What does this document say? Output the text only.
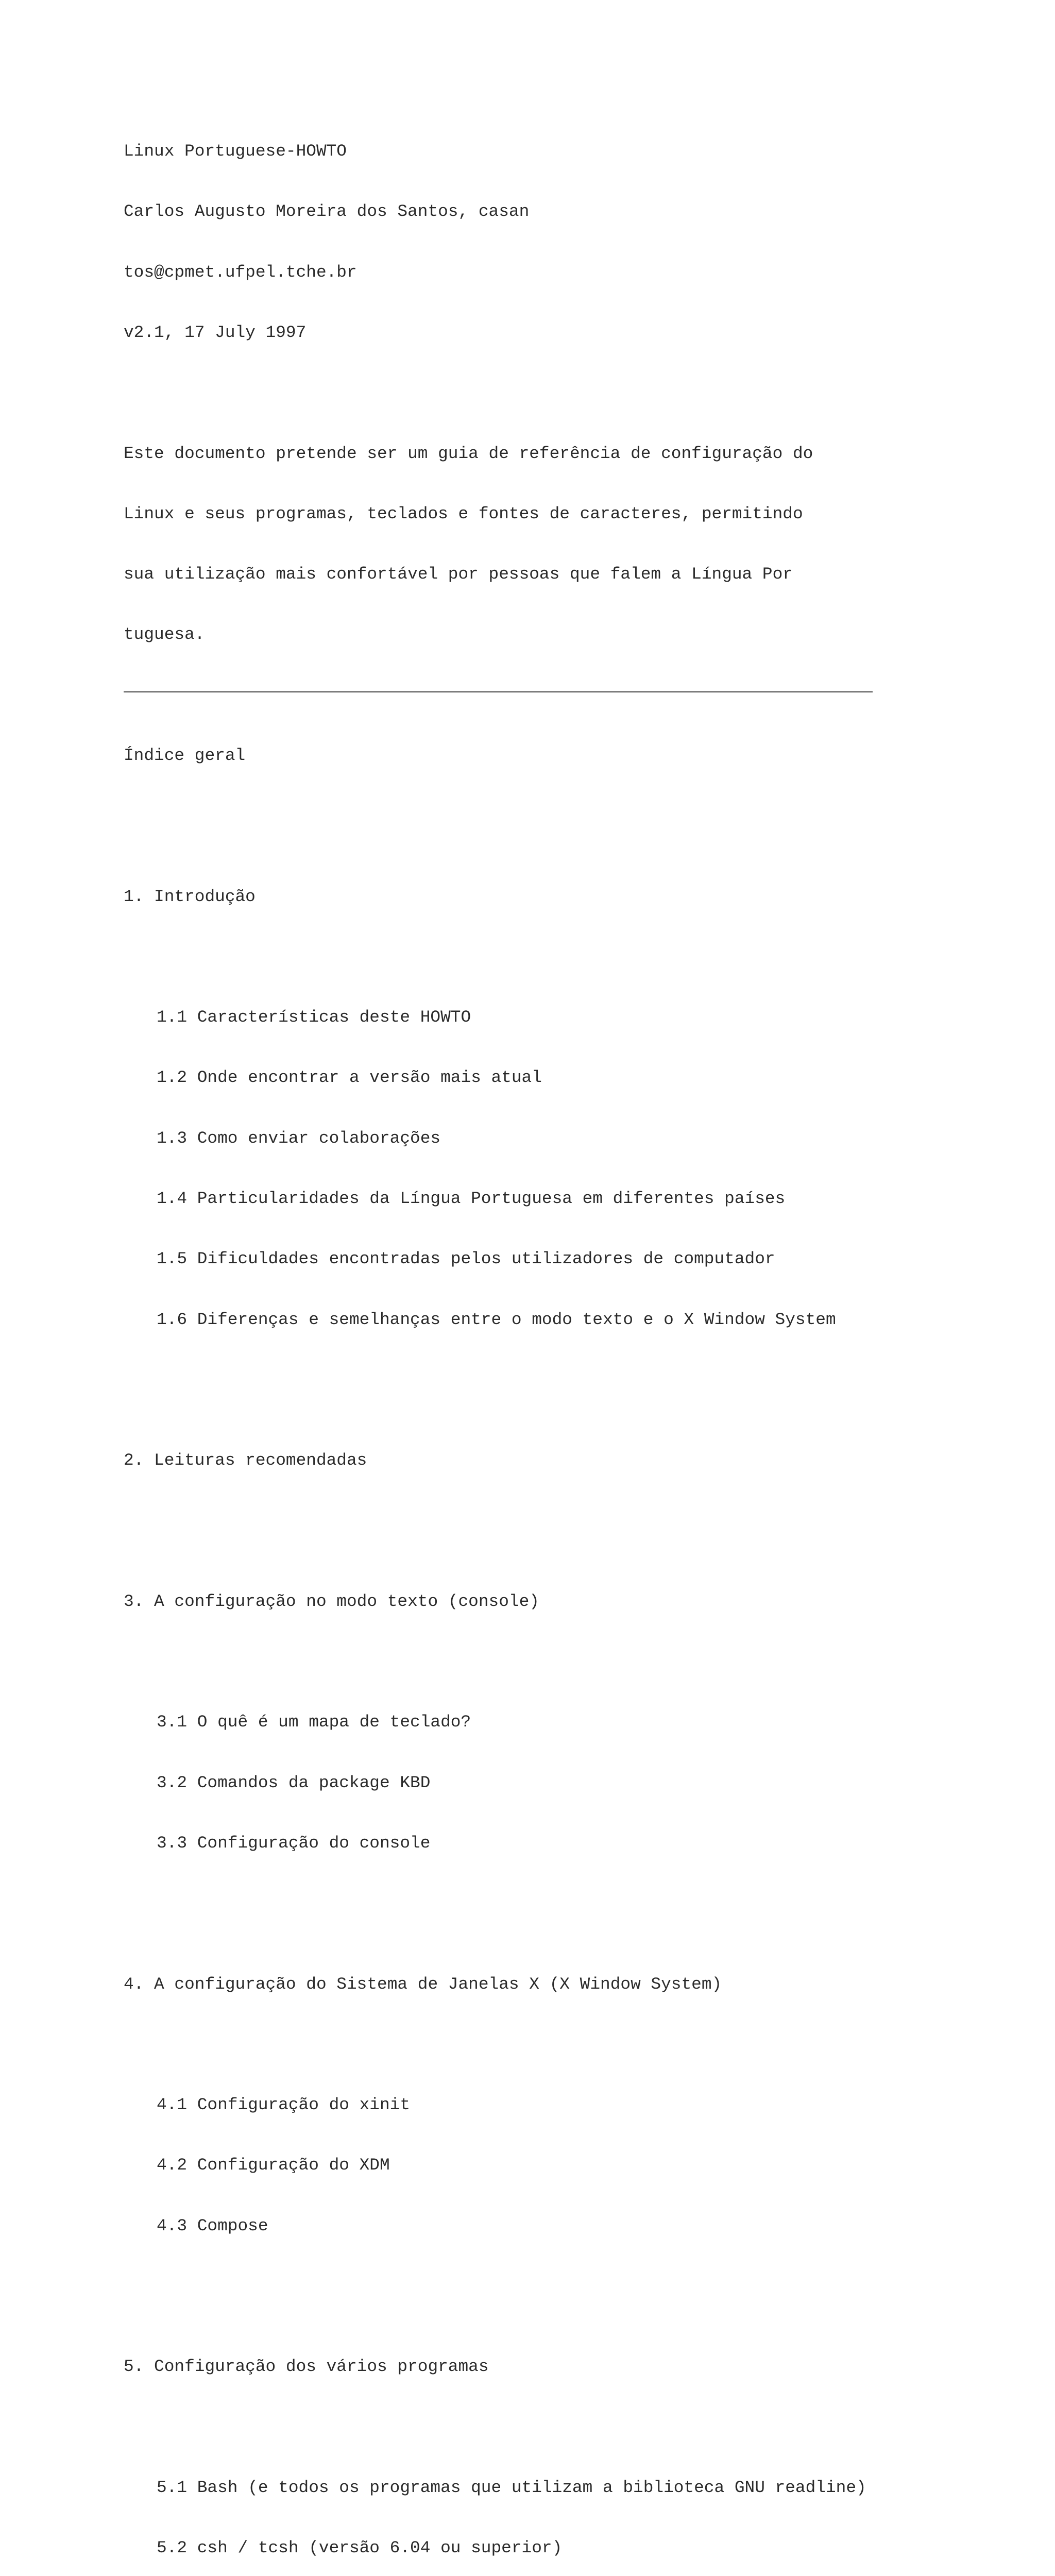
Linux Portuguese-HOWTO

Carlos Augusto Moreira dos Santos, casan

tos@cpmet.ufpel.tche.br

v2.1, 17 July 1997

Este documento pretende ser um guia de referência de configuração do

Linux e seus programas, teclados e fontes de caracteres, permitindo

sua utilização mais confortável por pessoas que falem a Língua Por

tuguesa.

Índice geral

1. Introdução

1.1 Características deste HOWTO

1.2 Onde encontrar a versão mais atual

1.3 Como enviar colaborações

1.4 Particularidades da Língua Portuguesa em diferentes países

1.5 Dificuldades encontradas pelos utilizadores de computador

1.6 Diferenças e semelhanças entre o modo texto e o X Window System

2. Leituras recomendadas

3. A configuração no modo texto (console)

3.1 O quê é um mapa de teclado?

3.2 Comandos da package KBD

3.3 Configuração do console

4. A configuração do Sistema de Janelas X (X Window System)

4.1 Configuração do xinit

4.2 Configuração do XDM

4.3 Compose

5. Configuração dos vários programas

5.1 Bash (e todos os programas que utilizam a biblioteca GNU readline)

5.2 csh / tcsh (versão 6.04 ou superior)
